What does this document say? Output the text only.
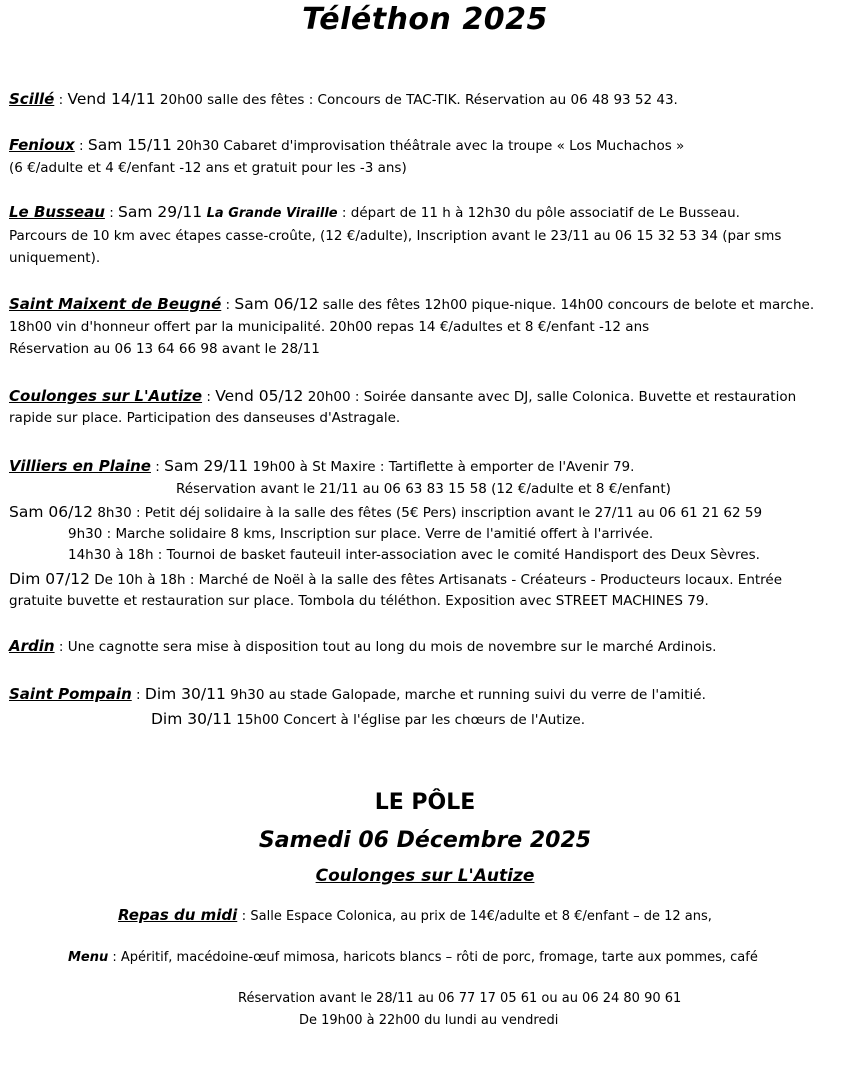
Téléthon 2025
Scillé : Vend 14/11 20h00 salle des fêtes : Concours de TAC-TIK. Réservation au 06 48 93 52 43.
Fenioux : Sam 15/11 20h30 Cabaret d'improvisation théâtrale avec la troupe « Los Muchachos »
(6 €/adulte et 4 €/enfant -12 ans et gratuit pour les -3 ans)
Le Busseau : Sam 29/11 La Grande Viraille : départ de 11 h à 12h30 du pôle associatif de Le Busseau.
Parcours de 10 km avec étapes casse-croûte, (12 €/adulte), Inscription avant le 23/11 au 06 15 32 53 34 (par sms
uniquement).
Saint Maixent de Beugné : Sam 06/12 salle des fêtes 12h00 pique-nique. 14h00 concours de belote et marche.
18h00 vin d'honneur offert par la municipalité. 20h00 repas 14 €/adultes et 8 €/enfant -12 ans
Réservation au 06 13 64 66 98 avant le 28/11
Coulonges sur L'Autize : Vend 05/12 20h00 : Soirée dansante avec DJ, salle Colonica. Buvette et restauration
rapide sur place. Participation des danseuses d'Astragale.
Villiers en Plaine : Sam 29/11 19h00 à St Maxire : Tartiflette à emporter de l'Avenir 79.
Réservation avant le 21/11 au 06 63 83 15 58 (12 €/adulte et 8 €/enfant)
Sam 06/12 8h30 : Petit déj solidaire à la salle des fêtes (5€ Pers) inscription avant le 27/11 au 06 61 21 62 59
9h30 : Marche solidaire 8 kms, Inscription sur place. Verre de l'amitié offert à l'arrivée.
14h30 à 18h : Tournoi de basket fauteuil inter-association avec le comité Handisport des Deux Sèvres.
Dim 07/12 De 10h à 18h : Marché de Noël à la salle des fêtes Artisanats - Créateurs - Producteurs locaux. Entrée
gratuite buvette et restauration sur place. Tombola du téléthon. Exposition avec STREET MACHINES 79.
Ardin : Une cagnotte sera mise à disposition tout au long du mois de novembre sur le marché Ardinois.
Saint Pompain : Dim 30/11 9h30 au stade Galopade, marche et running suivi du verre de l'amitié.
Dim 30/11 15h00 Concert à l'église par les chœurs de l'Autize.
LE PÔLE
Samedi 06 Décembre 2025
Coulonges sur L'Autize
Repas du midi : Salle Espace Colonica, au prix de 14€/adulte et 8 €/enfant – de 12 ans,
Menu : Apéritif, macédoine-œuf mimosa, haricots blancs – rôti de porc, fromage, tarte aux pommes, café
Réservation avant le 28/11 au 06 77 17 05 61 ou au 06 24 80 90 61
De 19h00 à 22h00 du lundi au vendredi
